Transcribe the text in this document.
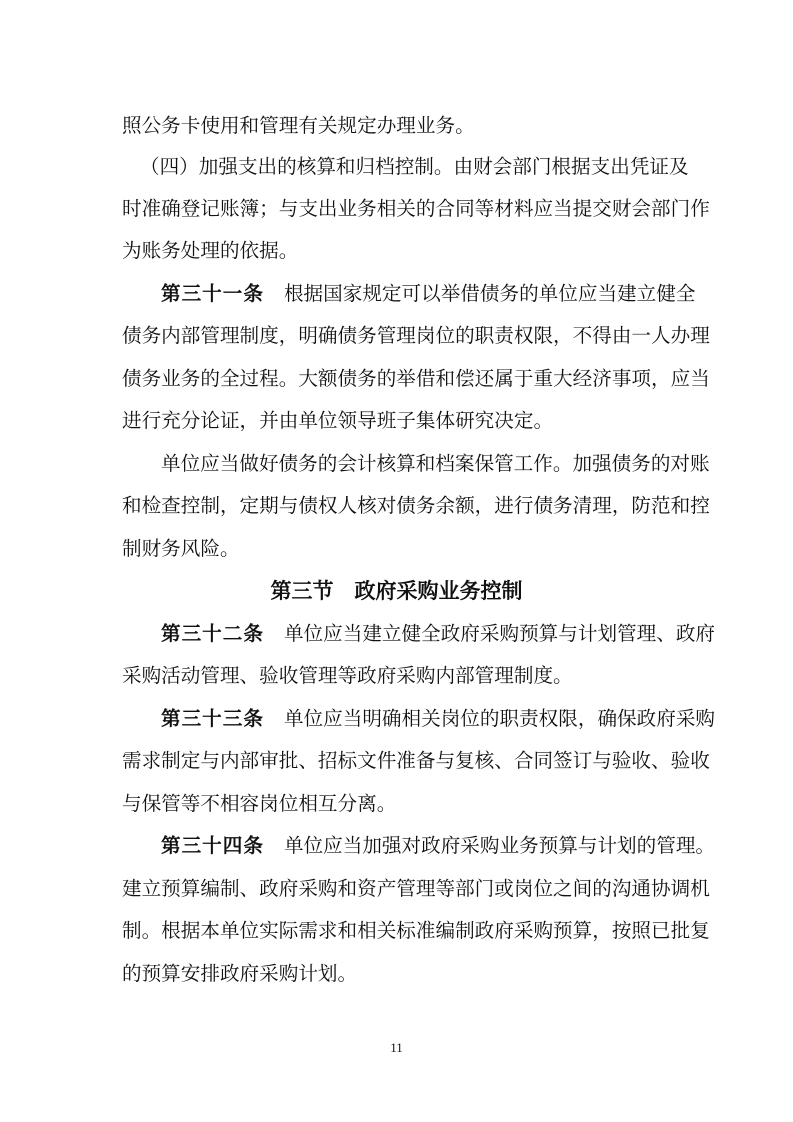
照公务卡使用和管理有关规定办理业务。

（四）加强支出的核算和归档控制。由财会部门根据支出凭证及

时准确登记账簿；与支出业务相关的合同等材料应当提交财会部门作

为账务处理的依据。

第三十一条 根据国家规定可以举借债务的单位应当建立健全

债务内部管理制度，明确债务管理岗位的职责权限，不得由一人办理

债务业务的全过程。大额债务的举借和偿还属于重大经济事项，应当

进行充分论证，并由单位领导班子集体研究决定。

单位应当做好债务的会计核算和档案保管工作。加强债务的对账

和检查控制，定期与债权人核对债务余额，进行债务清理，防范和控

制财务风险。

第三节　政府采购业务控制

第三十二条 单位应当建立健全政府采购预算与计划管理、政府

采购活动管理、验收管理等政府采购内部管理制度。

第三十三条 单位应当明确相关岗位的职责权限，确保政府采购

需求制定与内部审批、招标文件准备与复核、合同签订与验收、验收

与保管等不相容岗位相互分离。

第三十四条 单位应当加强对政府采购业务预算与计划的管理。

建立预算编制、政府采购和资产管理等部门或岗位之间的沟通协调机

制。根据本单位实际需求和相关标准编制政府采购预算，按照已批复

的预算安排政府采购计划。

11
